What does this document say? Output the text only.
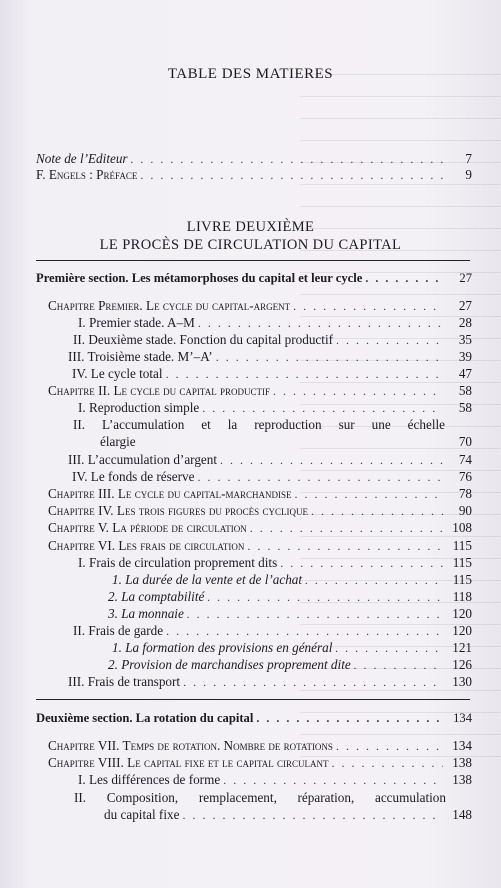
TABLE DES MATIERES
Note de l’Editeur . . .	7
F. Engels : Préface . . .	9
LIVRE DEUXIÈME
LE PROCÈS DE CIRCULATION DU CAPITAL
Première section. Les métamorphoses du capital et leur cycle . . .	27
Chapitre Premier. Le cycle du capital-argent . . .	27
I. Premier stade. A–M . . .	28
II. Deuxième stade. Fonction du capital productif . . .	35
III. Troisième stade. M’–A’ . . .	39
IV. Le cycle total . . .	47
Chapitre II. Le cycle du capital productif . . .	58
I. Reproduction simple . . .	58
II. L’accumulation et la reproduction sur une échelle
élargie	70
III. L’accumulation d’argent . . .	74
IV. Le fonds de réserve . . .	76
Chapitre III. Le cycle du capital-marchandise . . .	78
Chapitre IV. Les trois figures du procès cyclique . . .	90
Chapitre V. La période de circulation . . .	108
Chapitre VI. Les frais de circulation . . .	115
I. Frais de circulation proprement dits . . .	115
1. La durée de la vente et de l’achat . . .	115
2. La comptabilité . . .	118
3. La monnaie . . .	120
II. Frais de garde . . .	120
1. La formation des provisions en général . . .	121
2. Provision de marchandises proprement dite . . .	126
III. Frais de transport . . .	130
Deuxième section. La rotation du capital . . .	134
Chapitre VII. Temps de rotation. Nombre de rotations . . .	134
Chapitre VIII. Le capital fixe et le capital circulant . . .	138
I. Les différences de forme . . .	138
II. Composition, remplacement, réparation, accumulation
du capital fixe . . .	148
